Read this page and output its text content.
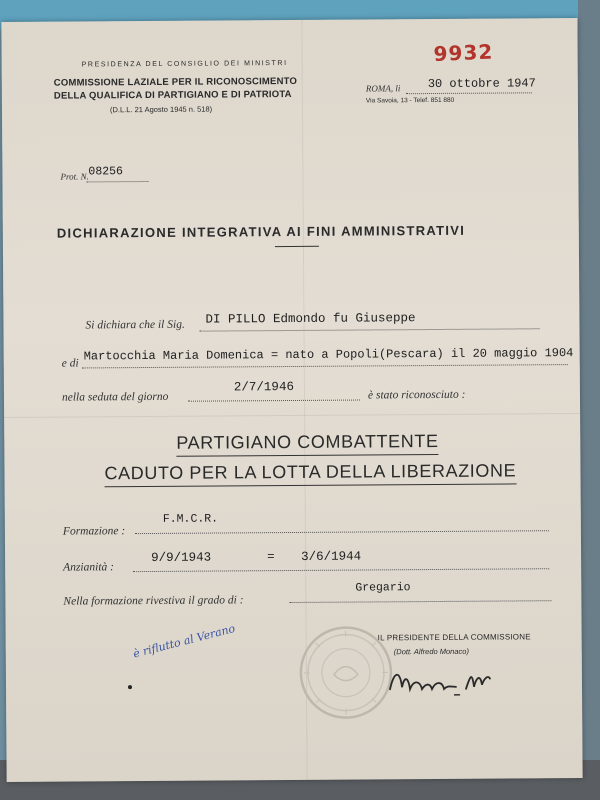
PRESIDENZA DEL CONSIGLIO DEI MINISTRI
COMMISSIONE LAZIALE PER IL RICONOSCIMENTO
DELLA QUALIFICA DI PARTIGIANO E DI PATRIOTA
(D.L.L. 21 Agosto 1945 n. 518)
9932
ROMA, li 30 ottobre 1947
Via Savoia, 13 - Telef. 851 880
Prot. N. 08256
DICHIARAZIONE INTEGRATIVA AI FINI AMMINISTRATIVI
Si dichiara che il Sig. DI PILLO Edmondo fu Giuseppe
e di
Martocchia Maria Domenica = nato a Popoli(Pescara) il 20 maggio 1904
nella seduta del giorno
2/7/1946
è stato riconosciuto :
PARTIGIANO COMBATTENTE
CADUTO PER LA LOTTA DELLA LIBERAZIONE
Formazione :
F.M.C.R.
Anzianità :
9/9/1943	= 3/6/1944
Nella formazione rivestiva il grado di :
Gregario
è riflutto al Verano	IL PRESIDENTE DELLA COMMISSIONE
(Dott. Alfredo Monaco)
